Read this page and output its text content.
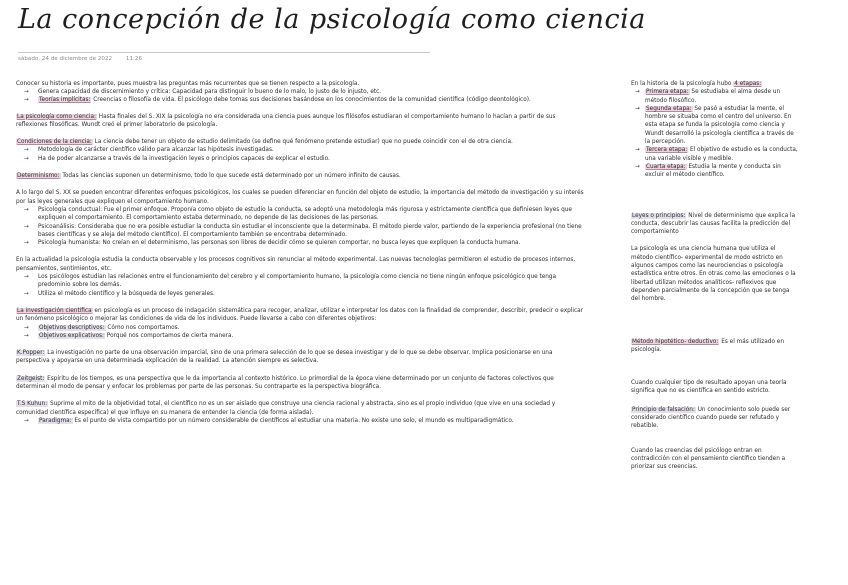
La concepción de la psicología como ciencia
sábado, 24 de diciembre de 2022 11:26
Conocer su historia es importante, pues muestra las preguntas más recurrentes que se tienen respecto a la psicología.
→ Genera capacidad de discernimiento y crítica: Capacidad para distinguir lo bueno de lo malo, lo justo de lo injusto, etc.
→ Teorías implícitas: Creencias o filosofía de vida. El psicólogo debe tomas sus decisiones basándose en los conocimientos de la comunidad científica (código deontológico).
La psicología como ciencia: Hasta finales del S. XIX la psicología no era considerada una ciencia pues aunque los filósofos estudiaran el comportamiento humano lo hacían a partir de sus reflexiones filosóficas. Wundt creó el primer laboratorio de psicología.
Condiciones de la ciencia: La ciencia debe tener un objeto de estudio delimitado (se define qué fenómeno pretende estudiar) que no puede coincidir con el de otra ciencia.
→ Metodología de carácter científico válido para alcanzar las hipótesis investigadas.
→ Ha de poder alcanzarse a través de la investigación leyes o principios capaces de explicar el estudio.
Determinismo: Todas las ciencias suponen un determinismo, todo lo que sucede está determinado por un número infinito de causas.
A lo largo del S. XX se pueden encontrar diferentes enfoques psicológicos, los cuales se pueden diferenciar en función del objeto de estudio, la importancia del método de investigación y su interés por las leyes generales que expliquen el comportamiento humano.
→ Psicología conductual: Fue el primer enfoque. Proponía como objeto de estudio la conducta, se adoptó una metodología más rigurosa y estrictamente científica que definiesen leyes que expliquen el comportamiento. El comportamiento estaba determinado, no depende de las decisiones de las personas.
→ Psicoanálisis: Consideraba que no era posible estudiar la conducta sin estudiar el inconsciente que la determinaba. El método pierde valor, partiendo de la experiencia profesional (no tiene bases científicas y se aleja del método científico). El comportamiento también se encontraba determinado.
→ Psicología humanista: No creían en el determinismo, las personas son libres de decidir cómo se quieren comportar, no busca leyes que expliquen la conducta humana.
En la actualidad la psicología estudia la conducta observable y los procesos cognitivos sin renunciar al método experimental. Las nuevas tecnologías permitieron el estudio de procesos internos, pensamientos, sentimientos, etc.
→ Los psicólogos estudian las relaciones entre el funcionamiento del cerebro y el comportamiento humano, la psicología como ciencia no tiene ningún enfoque psicológico que tenga predominio sobre los demás.
→ Utiliza el método científico y la búsqueda de leyes generales.
La investigación científica en psicología es un proceso de indagación sistemática para recoger, analizar, utilizar e interpretar los datos con la finalidad de comprender, describir, predecir o explicar un fenómeno psicológico o mejorar las condiciones de vida de los individuos. Puede llevarse a cabo con diferentes objetivos:
→ Objetivos descriptivos: Cómo nos comportamos.
→ Objetivos explicativos: Porqué nos comportamos de cierta manera.
K.Popper: La investigación no parte de una observación imparcial, sino de una primera selección de lo que se desea investigar y de lo que se debe observar. Implica posicionarse en una perspectiva y apoyarse en una determinada explicación de la realidad. La atención siempre es selectiva.
Zeitgeist: Espíritu de los tiempos, es una perspectiva que le da importancia al contexto histórico. Lo primordial de la época viene determinado por un conjunto de factores colectivos que determinan el modo de pensar y enfocar los problemas por parte de las personas. Su contraparte es la perspectiva biográfica.
T.S Kuhun: Suprime el mito de la objetividad total, el científico no es un ser aislado que construye una ciencia racional y abstracta, sino es el propio individuo (que vive en una sociedad y comunidad científica específica) el que influye en su manera de entender la ciencia (de forma aislada).
→ Paradigma: Es el punto de vista compartido por un número considerable de científicos al estudiar una materia. No existe uno solo, el mundo es multiparadigmático.
En la historia de la psicología hubo 4 etapas:
→ Primera etapa: Se estudiaba el alma desde un método filosófico.
→ Segunda etapa: Se pasó a estudiar la mente, el hombre se situaba como el centro del universo. En esta etapa se funda la psicología como ciencia y Wundt desarrolló la psicología científica a través de la percepción.
→ Tercera etapa: El objetivo de estudio es la conducta, una variable visible y medible.
→ Cuarta etapa: Estudia la mente y conducta sin excluir el método científico.
Leyes o principios: Nivel de determinismo que explica la conducta, descubrir las causas facilita la predicción del comportamiento
La psicología es una ciencia humana que utiliza el método científico- experimental de modo estricto en algunos campos como las neurociencias o psicología estadística entre otros. En otras como las emociones o la libertad utilizan métodos analíticos- reflexivos que dependen parcialmente de la concepción que se tenga del hombre.
Método hipotético- deductivo: Es el más utilizado en psicología.
Cuando cualquier tipo de resultado apoyan una teoría significa que no es científica en sentido estricto.
Principio de falsación: Un conocimiento solo puede ser considerado científico cuando puede ser refutado y rebatible.
Cuando las creencias del psicólogo entran en contradicción con el pensamiento científico tienden a priorizar sus creencias.
